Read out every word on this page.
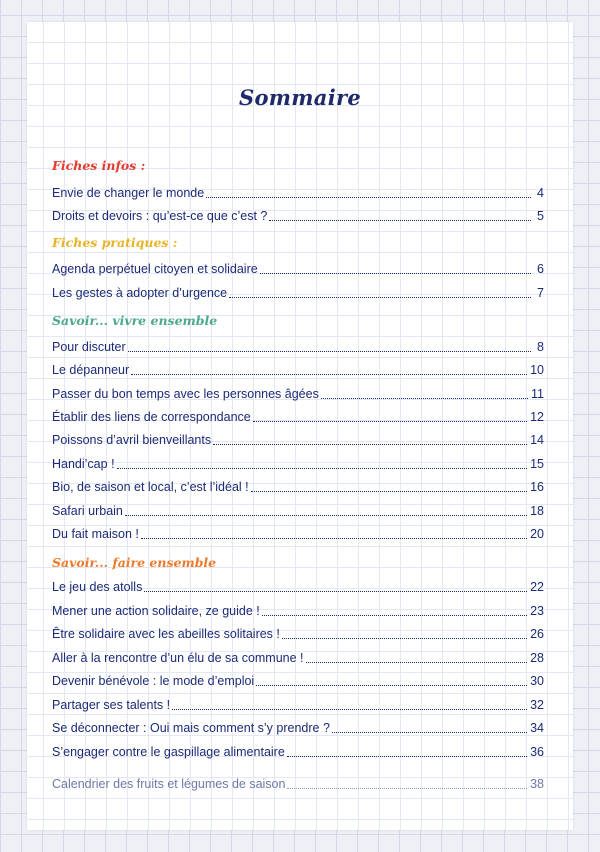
Sommaire
Fiches infos :
Envie de changer le monde	4
Droits et devoirs : qu’est-ce que c’est ?	5
Fiches pratiques :
Agenda perpétuel citoyen et solidaire	6
Les gestes à adopter d’urgence	7
Savoir... vivre ensemble
Pour discuter	8
Le dépanneur	10
Passer du bon temps avec les personnes âgées	11
Établir des liens de correspondance	12
Poissons d’avril bienveillants	14
Handi’cap !	15
Bio, de saison et local, c’est l’idéal !	16
Safari urbain	18
Du fait maison !	20
Savoir... faire ensemble
Le jeu des atolls	22
Mener une action solidaire, ze guide !	23
Être solidaire avec les abeilles solitaires !	26
Aller à la rencontre d’un élu de sa commune !	28
Devenir bénévole : le mode d’emploi	30
Partager ses talents !	32
Se déconnecter : Oui mais comment s’y prendre ?	34
S’engager contre le gaspillage alimentaire	36
Calendrier des fruits et légumes de saison	38
